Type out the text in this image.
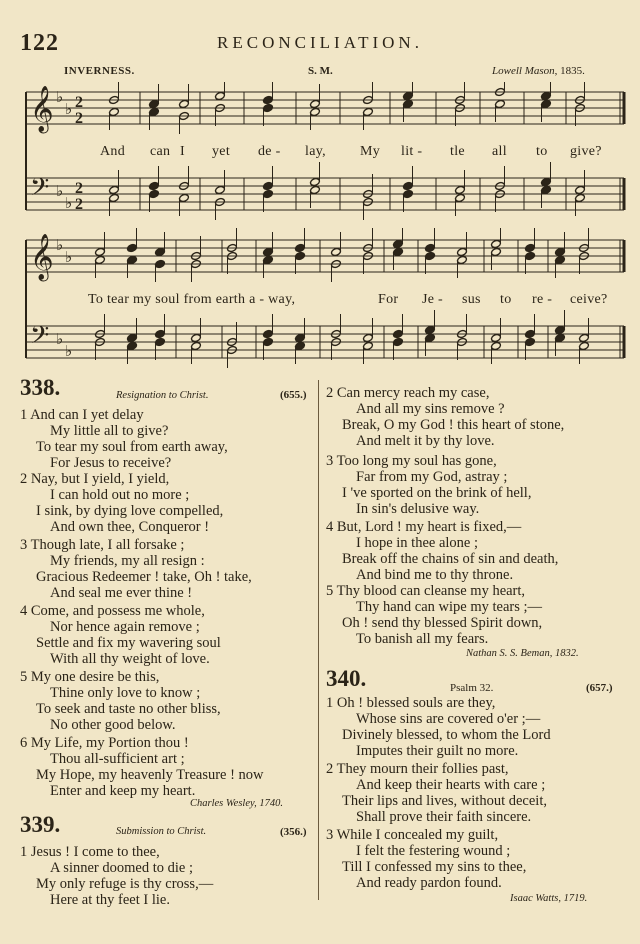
122	RECONCILIATION.
INVERNESS.	S. M.	Lowell Mason, 1835.
𝄞 ♭
♭ 2
2
𝄢 ♭
♭
2
2
And can I yet de - lay, My lit - tle all to give?
𝄞 ♭
♭
𝄢 ♭
♭
To tear my soul from earth a - way,	For Je - sus to re - ceive?
338.	Resignation to Christ.	(655.)
1 And can I yet delay
My little all to give?
To tear my soul from earth away,
For Jesus to receive?
2 Nay, but I yield, I yield,
I can hold out no more ;
I sink, by dying love compelled,
And own thee, Conqueror !
3 Though late, I all forsake ;
My friends, my all resign :
Gracious Redeemer ! take, Oh ! take,
And seal me ever thine !
4 Come, and possess me whole,
Nor hence again remove ;
Settle and fix my wavering soul
With all thy weight of love.
5 My one desire be this,
Thine only love to know ;
To seek and taste no other bliss,
No other good below.
6 My Life, my Portion thou !
Thou all-sufficient art ;
My Hope, my heavenly Treasure ! now
Enter and keep my heart.
Charles Wesley, 1740.
339.	Submission to Christ.	(356.)
1 Jesus ! I come to thee,
A sinner doomed to die ;
My only refuge is thy cross,—
Here at thy feet I lie.
2 Can mercy reach my case,
And all my sins remove ?
Break, O my God ! this heart of stone,
And melt it by thy love.
3 Too long my soul has gone,
Far from my God, astray ;
I 've sported on the brink of hell,
In sin's delusive way.
4 But, Lord ! my heart is fixed,—
I hope in thee alone ;
Break off the chains of sin and death,
And bind me to thy throne.
5 Thy blood can cleanse my heart,
Thy hand can wipe my tears ;—
Oh ! send thy blessed Spirit down,
To banish all my fears.
Nathan S. S. Beman, 1832.
340.	Psalm 32.	(657.)
1 Oh ! blessed souls are they,
Whose sins are covered o'er ;—
Divinely blessed, to whom the Lord
Imputes their guilt no more.
2 They mourn their follies past,
And keep their hearts with care ;
Their lips and lives, without deceit,
Shall prove their faith sincere.
3 While I concealed my guilt,
I felt the festering wound ;
Till I confessed my sins to thee,
And ready pardon found.
Isaac Watts, 1719.
